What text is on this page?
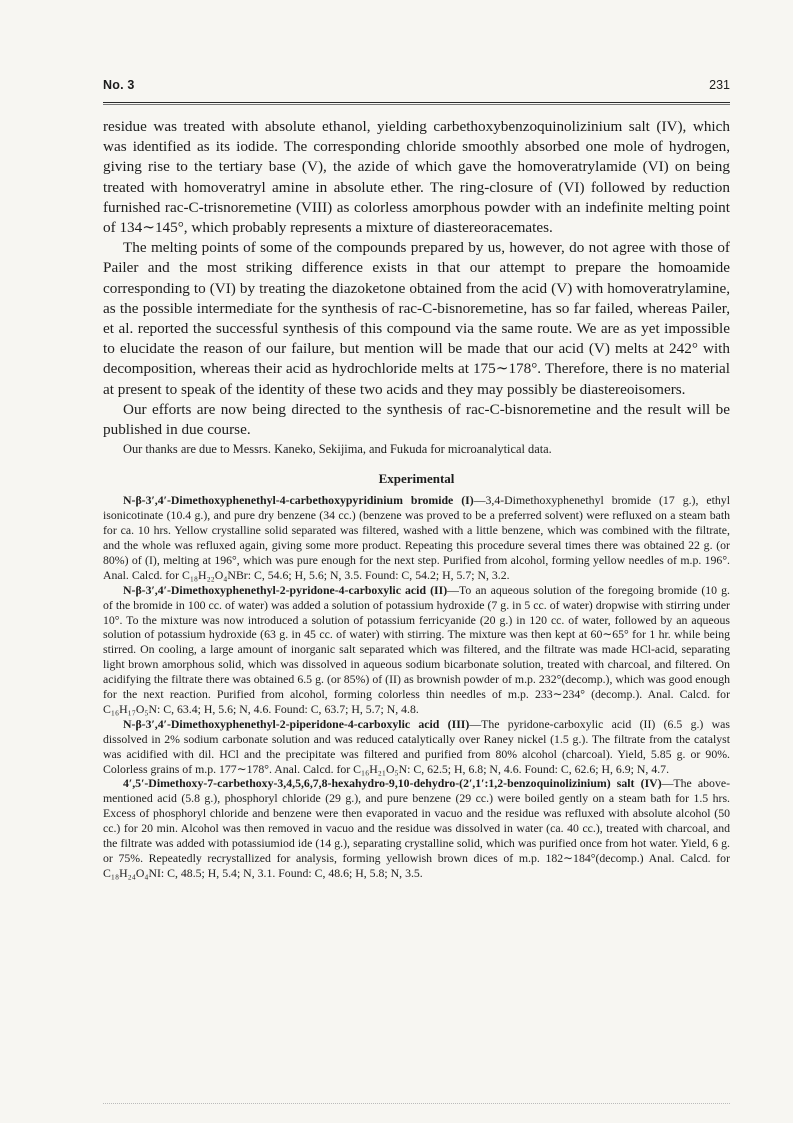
No. 3	231

residue was treated with absolute ethanol, yielding carbethoxybenzoquinolizinium salt (IV), which was identified as its iodide. The corresponding chloride smoothly absorbed one mole of hydrogen, giving rise to the tertiary base (V), the azide of which gave the homoveratrylamide (VI) on being treated with homoveratryl amine in absolute ether. The ring-closure of (VI) followed by reduction furnished rac-C-trisnoremetine (VIII) as colorless amorphous powder with an indefinite melting point of 134∼145°, which probably represents a mixture of diastereoracemates.

The melting points of some of the compounds prepared by us, however, do not agree with those of Pailer and the most striking difference exists in that our attempt to prepare the homoamide corresponding to (VI) by treating the diazoketone obtained from the acid (V) with homoveratrylamine, as the possible intermediate for the synthesis of rac-C-bisnoremetine, has so far failed, whereas Pailer, et al. reported the successful synthesis of this compound via the same route. We are as yet impossible to elucidate the reason of our failure, but mention will be made that our acid (V) melts at 242° with decomposition, whereas their acid as hydrochloride melts at 175∼178°. Therefore, there is no material at present to speak of the identity of these two acids and they may possibly be diastereoisomers.

Our efforts are now being directed to the synthesis of rac-C-bisnoremetine and the result will be published in due course.

Our thanks are due to Messrs. Kaneko, Sekijima, and Fukuda for microanalytical data.

Experimental

N-β-3′,4′-Dimethoxyphenethyl-4-carbethoxypyridinium bromide (I)—3,4-Dimethoxyphenethyl bromide (17 g.), ethyl isonicotinate (10.4 g.), and pure dry benzene (34 cc.) (benzene was proved to be a preferred solvent) were refluxed on a steam bath for ca. 10 hrs. Yellow crystalline solid separated was filtered, washed with a little benzene, which was combined with the filtrate, and the whole was refluxed again, giving some more product. Repeating this procedure several times there was obtained 22 g. (or 80%) of (I), melting at 196°, which was pure enough for the next step. Purified from alcohol, forming yellow needles of m.p. 196°. Anal. Calcd. for C₁₈H₂₂O₄NBr: C, 54.6; H, 5.6; N, 3.5. Found: C, 54.2; H, 5.7; N, 3.2.

N-β-3′,4′-Dimethoxyphenethyl-2-pyridone-4-carboxylic acid (II)—To an aqueous solution of the foregoing bromide (10 g. of the bromide in 100 cc. of water) was added a solution of potassium hydroxide (7 g. in 5 cc. of water) dropwise with stirring under 10°. To the mixture was now introduced a solution of potassium ferricyanide (20 g.) in 120 cc. of water, followed by an aqueous solution of potassium hydroxide (63 g. in 45 cc. of water) with stirring. The mixture was then kept at 60∼65° for 1 hr. while being stirred. On cooling, a large amount of inorganic salt separated which was filtered, and the filtrate was made HCl-acid, separating light brown amorphous solid, which was dissolved in aqueous sodium bicarbonate solution, treated with charcoal, and filtered. On acidifying the filtrate there was obtained 6.5 g. (or 85%) of (II) as brownish powder of m.p. 232°(decomp.), which was good enough for the next reaction. Purified from alcohol, forming colorless thin needles of m.p. 233∼234° (decomp.). Anal. Calcd. for C₁₆H₁₇O₅N: C, 63.4; H, 5.6; N, 4.6. Found: C, 63.7; H, 5.7; N, 4.8.

N-β-3′,4′-Dimethoxyphenethyl-2-piperidone-4-carboxylic acid (III)—The pyridone-carboxylic acid (II) (6.5 g.) was dissolved in 2% sodium carbonate solution and was reduced catalytically over Raney nickel (1.5 g.). The filtrate from the catalyst was acidified with dil. HCl and the precipitate was filtered and purified from 80% alcohol (charcoal). Yield, 5.85 g. or 90%. Colorless grains of m.p. 177∼178°. Anal. Calcd. for C₁₆H₂₁O₅N: C, 62.5; H, 6.8; N, 4.6. Found: C, 62.6; H, 6.9; N, 4.7.

4′,5′-Dimethoxy-7-carbethoxy-3,4,5,6,7,8-hexahydro-9,10-dehydro-(2′,1′:1,2-benzoquinolizinium) salt (IV)—The above-mentioned acid (5.8 g.), phosphoryl chloride (29 g.), and pure benzene (29 cc.) were boiled gently on a steam bath for 1.5 hrs. Excess of phosphoryl chloride and benzene were then evaporated in vacuo and the residue was refluxed with absolute alcohol (50 cc.) for 20 min. Alcohol was then removed in vacuo and the residue was dissolved in water (ca. 40 cc.), treated with charcoal, and the filtrate was added with potassiumiod ide (14 g.), separating crystalline solid, which was purified once from hot water. Yield, 6 g. or 75%. Repeatedly recrystallized for analysis, forming yellowish brown dices of m.p. 182∼184°(decomp.) Anal. Calcd. for C₁₈H₂₄O₄NI: C, 48.5; H, 5.4; N, 3.1. Found: C, 48.6; H, 5.8; N, 3.5.
